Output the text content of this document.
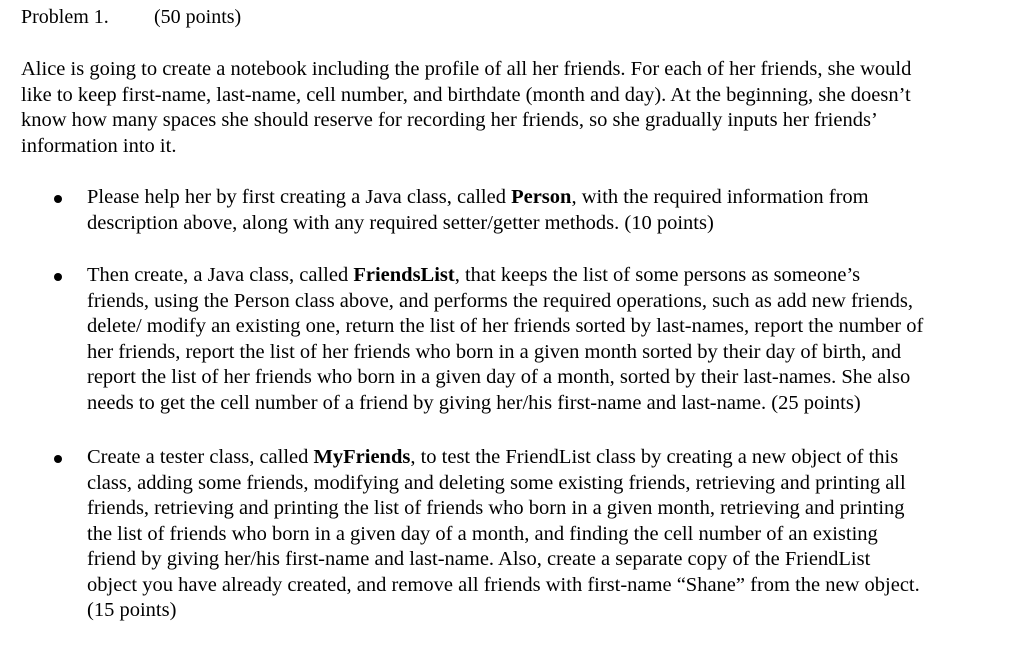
Problem 1. (50 points)
Alice is going to create a notebook including the profile of all her friends. For each of her friends, she would
like to keep first-name, last-name, cell number, and birthdate (month and day). At the beginning, she doesn’t
know how many spaces she should reserve for recording her friends, so she gradually inputs her friends’
information into it.
Please help her by first creating a Java class, called Person, with the required information from
description above, along with any required setter/getter methods. (10 points)
Then create, a Java class, called FriendsList, that keeps the list of some persons as someone’s
friends, using the Person class above, and performs the required operations, such as add new friends,
delete/ modify an existing one, return the list of her friends sorted by last-names, report the number of
her friends, report the list of her friends who born in a given month sorted by their day of birth, and
report the list of her friends who born in a given day of a month, sorted by their last-names. She also
needs to get the cell number of a friend by giving her/his first-name and last-name. (25 points)
Create a tester class, called MyFriends, to test the FriendList class by creating a new object of this
class, adding some friends, modifying and deleting some existing friends, retrieving and printing all
friends, retrieving and printing the list of friends who born in a given month, retrieving and printing
the list of friends who born in a given day of a month, and finding the cell number of an existing
friend by giving her/his first-name and last-name. Also, create a separate copy of the FriendList
object you have already created, and remove all friends with first-name “Shane” from the new object.
(15 points)
